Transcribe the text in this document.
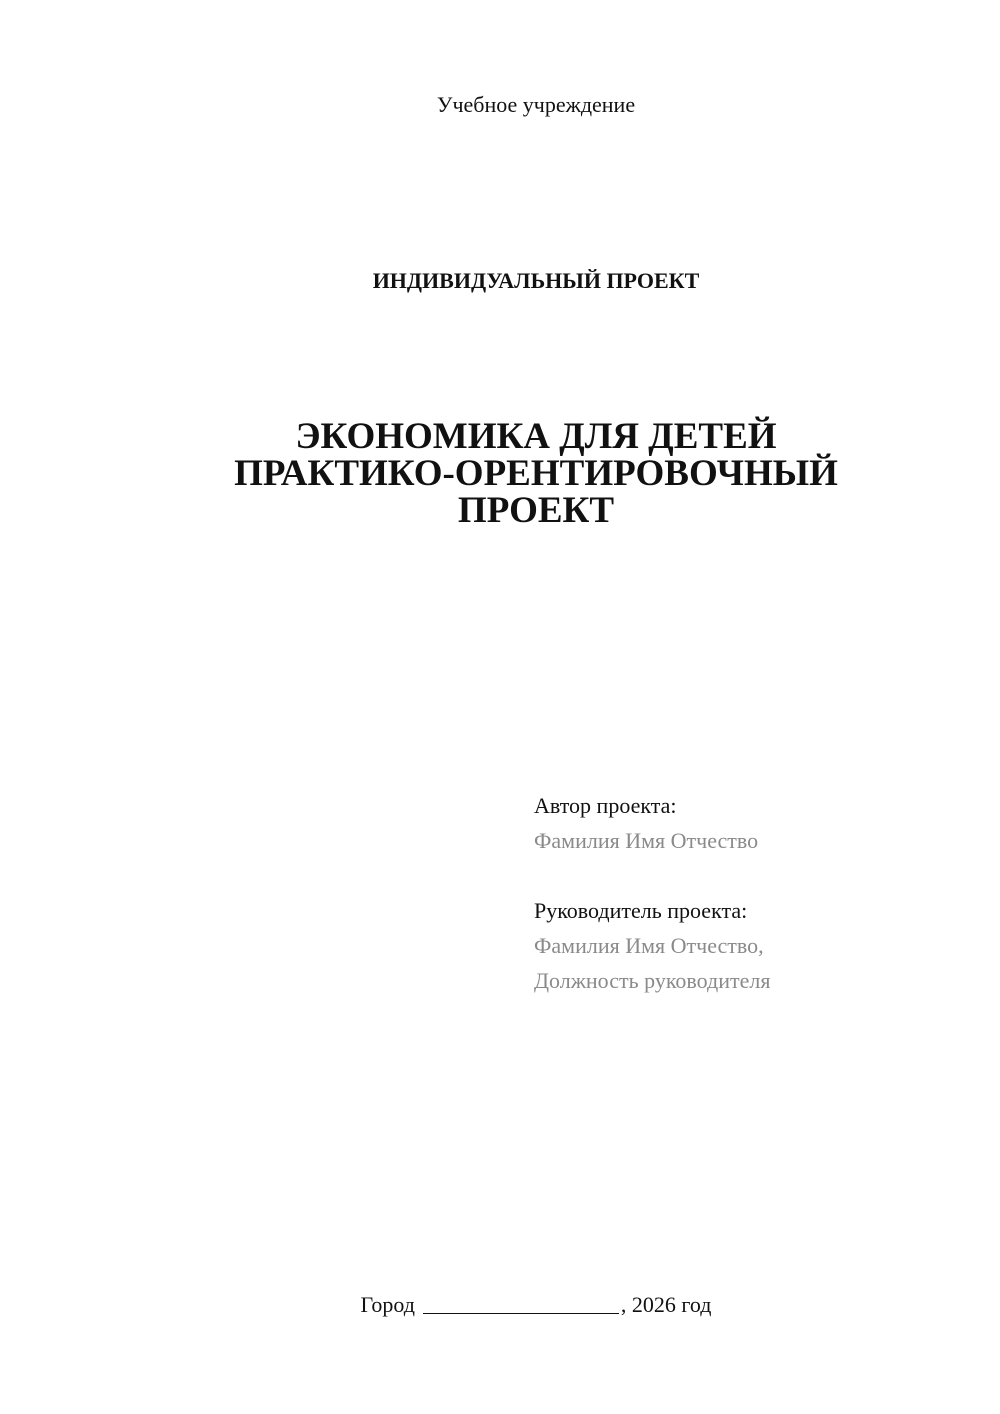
Учебное учреждение
ИНДИВИДУАЛЬНЫЙ ПРОЕКТ
ЭКОНОМИКА ДЛЯ ДЕТЕЙ
ПРАКТИКО-ОРЕНТИРОВОЧНЫЙ
ПРОЕКТ
Автор проекта:
Фамилия Имя Отчество
Руководитель проекта:
Фамилия Имя Отчество,
Должность руководителя
Город	, 2026 год
